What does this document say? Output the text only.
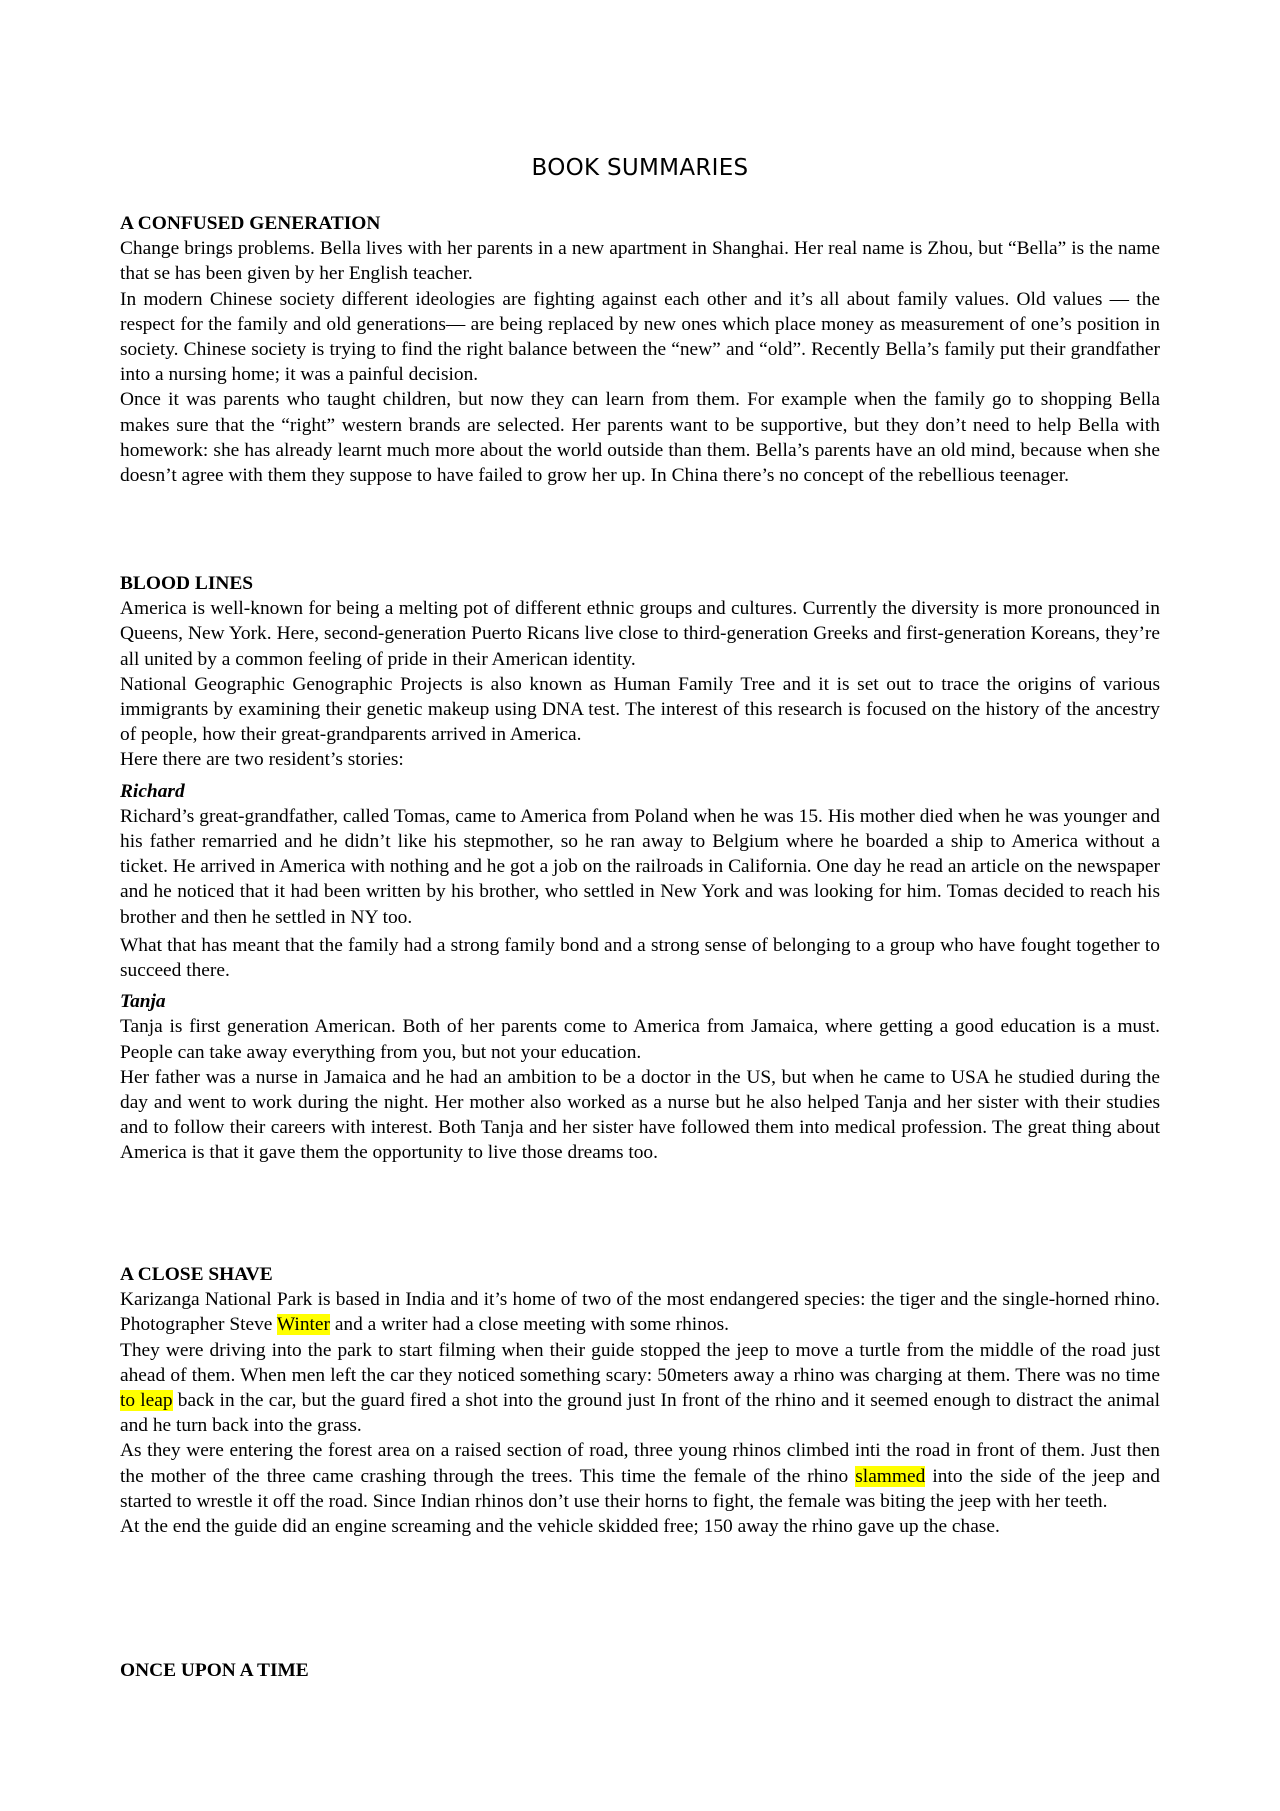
BOOK SUMMARIES
A CONFUSED GENERATION

Change brings problems. Bella lives with her parents in a new apartment in Shanghai. Her real name is Zhou, but “Bella” is the name that se has been given by her English teacher.

In modern Chinese society different ideologies are fighting against each other and it’s all about family values. Old values — the respect for the family and old generations— are being replaced by new ones which place money as measurement of one’s position in society. Chinese society is trying to find the right balance between the “new” and “old”. Recently Bella’s family put their grandfather into a nursing home; it was a painful decision.

Once it was parents who taught children, but now they can learn from them. For example when the family go to shopping Bella makes sure that the “right” western brands are selected. Her parents want to be supportive, but they don’t need to help Bella with homework: she has already learnt much more about the world outside than them. Bella’s parents have an old mind, because when she doesn’t agree with them they suppose to have failed to grow her up. In China there’s no concept of the rebellious teenager.

BLOOD LINES

America is well-known for being a melting pot of different ethnic groups and cultures. Currently the diversity is more pronounced in Queens, New York. Here, second-generation Puerto Ricans live close to third-generation Greeks and first-generation Koreans, they’re all united by a common feeling of pride in their American identity.

National Geographic Genographic Projects is also known as Human Family Tree and it is set out to trace the origins of various immigrants by examining their genetic makeup using DNA test. The interest of this research is focused on the history of the ancestry of people, how their great-grandparents arrived in America.

Here there are two resident’s stories:

Richard

Richard’s great-grandfather, called Tomas, came to America from Poland when he was 15. His mother died when he was younger and his father remarried and he didn’t like his stepmother, so he ran away to Belgium where he boarded a ship to America without a ticket. He arrived in America with nothing and he got a job on the railroads in California. One day he read an article on the newspaper and he noticed that it had been written by his brother, who settled in New York and was looking for him. Tomas decided to reach his brother and then he settled in NY too.

What that has meant that the family had a strong family bond and a strong sense of belonging to a group who have fought together to succeed there.

Tanja

Tanja is first generation American. Both of her parents come to America from Jamaica, where getting a good education is a must. People can take away everything from you, but not your education.

Her father was a nurse in Jamaica and he had an ambition to be a doctor in the US, but when he came to USA he studied during the day and went to work during the night. Her mother also worked as a nurse but he also helped Tanja and her sister with their studies and to follow their careers with interest. Both Tanja and her sister have followed them into medical profession. The great thing about America is that it gave them the opportunity to live those dreams too.

A CLOSE SHAVE

Karizanga National Park is based in India and it’s home of two of the most endangered species: the tiger and the single-horned rhino. Photographer Steve Winter and a writer had a close meeting with some rhinos.

They were driving into the park to start filming when their guide stopped the jeep to move a turtle from the middle of the road just ahead of them. When men left the car they noticed something scary: 50meters away a rhino was charging at them. There was no time to leap back in the car, but the guard fired a shot into the ground just In front of the rhino and it seemed enough to distract the animal and he turn back into the grass.

As they were entering the forest area on a raised section of road, three young rhinos climbed inti the road in front of them. Just then the mother of the three came crashing through the trees. This time the female of the rhino slammed into the side of the jeep and started to wrestle it off the road. Since Indian rhinos don’t use their horns to fight, the female was biting the jeep with her teeth.

At the end the guide did an engine screaming and the vehicle skidded free; 150 away the rhino gave up the chase.

ONCE UPON A TIME
